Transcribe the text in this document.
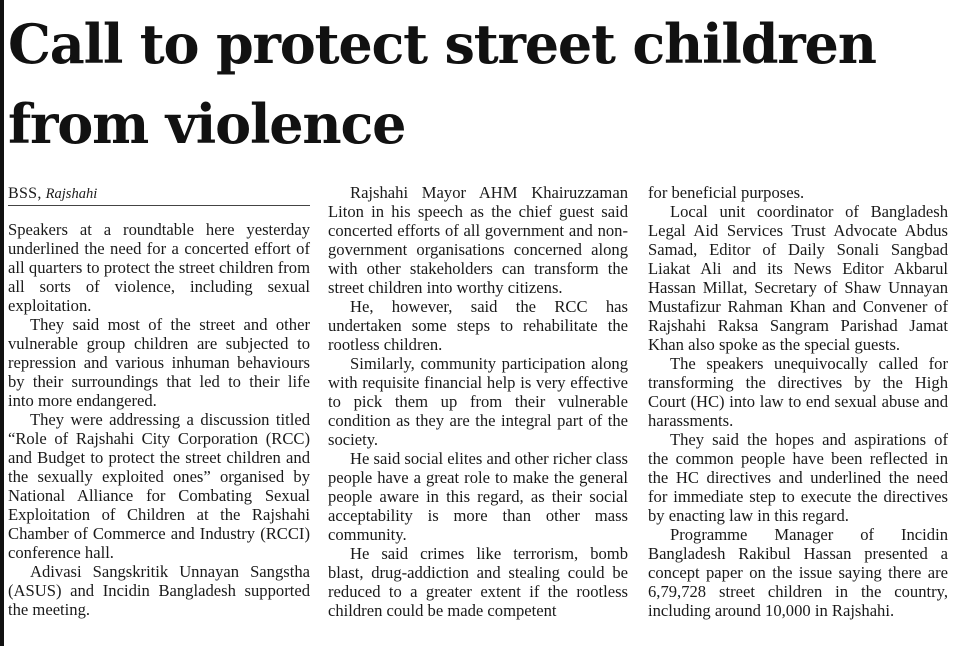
Call to protect street children from violence
BSS, Rajshahi

Speakers at a roundtable here yesterday underlined the need for a concerted effort of all quarters to protect the street children from all sorts of violence, including sexual exploitation.

They said most of the street and other vulnerable group children are subjected to repression and various inhuman behaviours by their surroundings that led to their life into more endangered.

They were addressing a discussion titled “Role of Rajshahi City Corporation (RCC) and Budget to protect the street children and the sexually exploited ones” organised by National Alliance for Combating Sexual Exploitation of Children at the Rajshahi Chamber of Commerce and Industry (RCCI) conference hall.

Adivasi Sangskritik Unnayan Sangstha (ASUS) and Incidin Bangladesh supported the meeting.

Rajshahi Mayor AHM Khairuzzaman Liton in his speech as the chief guest said concerted efforts of all government and non-government organisations concerned along with other stakeholders can transform the street children into worthy citizens.

He, however, said the RCC has undertaken some steps to rehabilitate the rootless children.

Similarly, community participation along with requisite financial help is very effective to pick them up from their vulnerable condition as they are the integral part of the society.

He said social elites and other richer class people have a great role to make the general people aware in this regard, as their social acceptability is more than other mass community.

He said crimes like terrorism, bomb blast, drug-addiction and stealing could be reduced to a greater extent if the rootless children could be made competent

for beneficial purposes.

Local unit coordinator of Bangladesh Legal Aid Services Trust Advocate Abdus Samad, Editor of Daily Sonali Sangbad Liakat Ali and its News Editor Akbarul Hassan Millat, Secretary of Shaw Unnayan Mustafizur Rahman Khan and Convener of Rajshahi Raksa Sangram Parishad Jamat Khan also spoke as the special guests.

The speakers unequivocally called for transforming the directives by the High Court (HC) into law to end sexual abuse and harassments.

They said the hopes and aspirations of the common people have been reflected in the HC directives and underlined the need for immediate step to execute the directives by enacting law in this regard.

Programme Manager of Incidin Bangladesh Rakibul Hassan presented a concept paper on the issue saying there are 6,79,728 street children in the country, including around 10,000 in Rajshahi.
